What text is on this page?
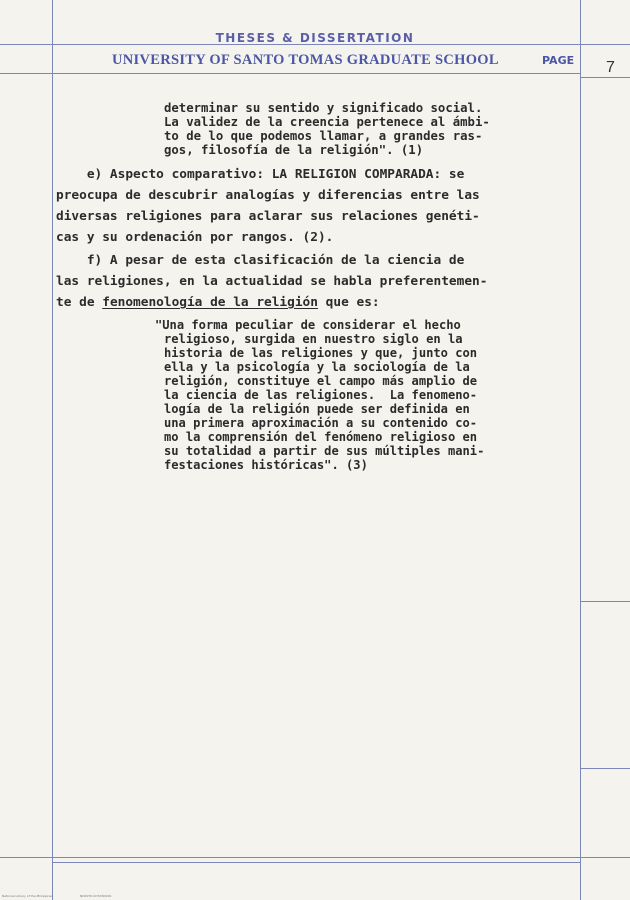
THESES & DISSERTATION
UNIVERSITY OF SANTO TOMAS GRADUATE SCHOOL	PAGE 7
determinar su sentido y significado social.
La validez de la creencia pertenece al ámbi-
to de lo que podemos llamar, a grandes ras-
gos, filosofía de la religión". (1)
e) Aspecto comparativo: LA RELIGION COMPARADA: se
preocupa de descubrir analogías y diferencias entre las
diversas religiones para aclarar sus relaciones genéti-
cas y su ordenación por rangos. (2).
f) A pesar de esta clasificación de la ciencia de
las religiones, en la actualidad se habla preferentemen-
te de fenomenología de la religión que es:
"Una forma peculiar de considerar el hecho
religioso, surgida en nuestro siglo en la
historia de las religiones y que, junto con
ella y la psicología y la sociología de la
religión, constituye el campo más amplio de
la ciencia de las religiones.  La fenomeno-
logía de la religión puede ser definida en
una primera aproximación a su contenido co-
mo la comprensión del fenómeno religioso en
su totalidad a partir de sus múltiples mani-
festaciones históricas". (3)
National Library of the Philippines	ND00TD-D7633D001
